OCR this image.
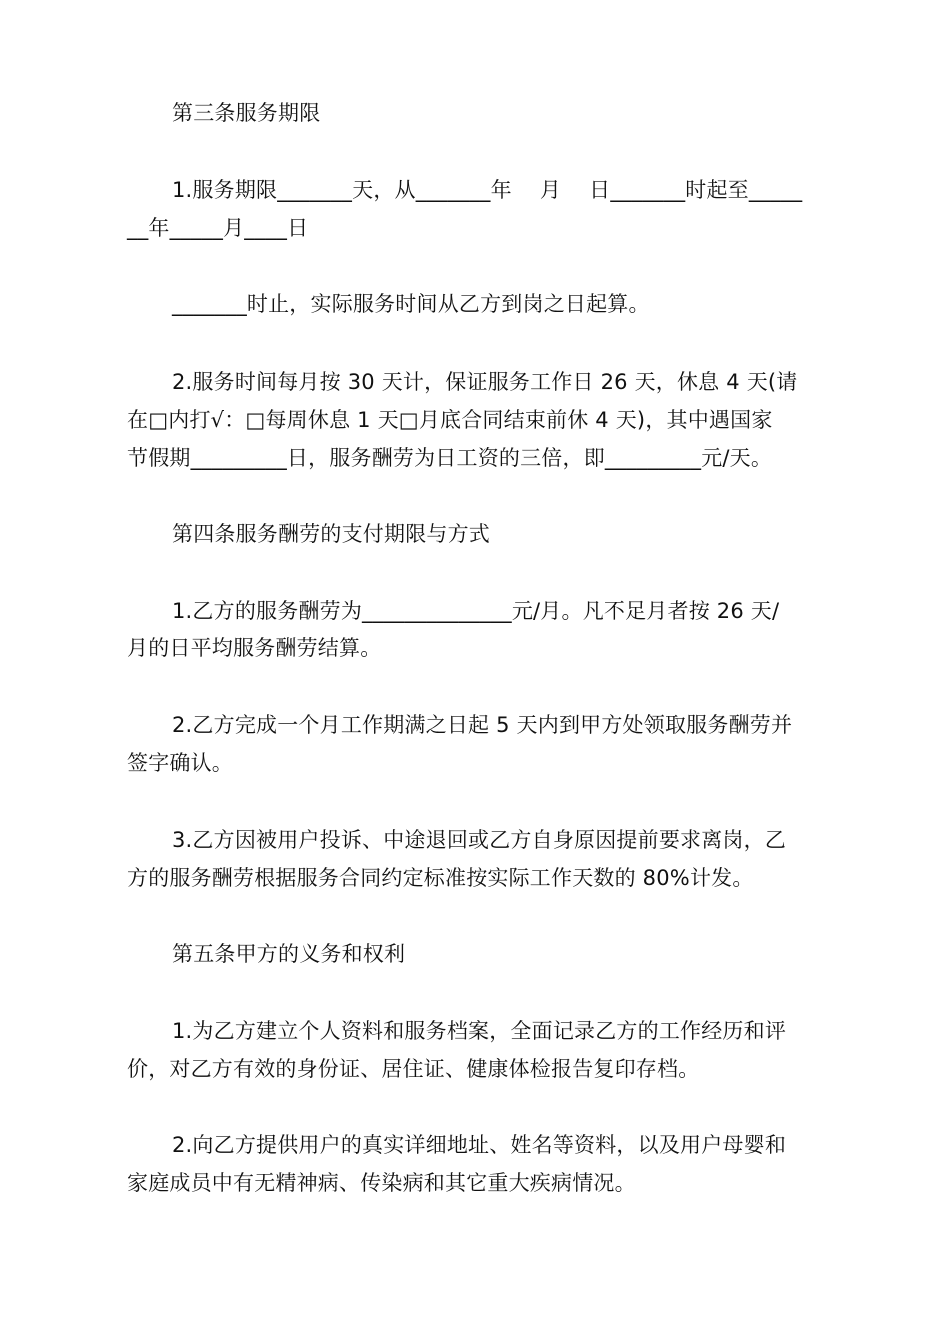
第三条服务期限
1.服务期限_______天，从_______年　 月　 日_______时起至_____
__年_____月____日
_______时止，实际服务时间从乙方到岗之日起算。
2.服务时间每月按 30 天计，保证服务工作日 26 天，休息 4 天(请
在□内打√：□每周休息 1 天□月底合同结束前休 4 天)，其中遇国家
节假期_________日，服务酬劳为日工资的三倍，即_________元/天。
第四条服务酬劳的支付期限与方式
1.乙方的服务酬劳为______________元/月。凡不足月者按 26 天/
月的日平均服务酬劳结算。
2.乙方完成一个月工作期满之日起 5 天内到甲方处领取服务酬劳并
签字确认。
3.乙方因被用户投诉、中途退回或乙方自身原因提前要求离岗，乙
方的服务酬劳根据服务合同约定标准按实际工作天数的 80%计发。
第五条甲方的义务和权利
1.为乙方建立个人资料和服务档案，全面记录乙方的工作经历和评
价，对乙方有效的身份证、居住证、健康体检报告复印存档。
2.向乙方提供用户的真实详细地址、姓名等资料，以及用户母婴和
家庭成员中有无精神病、传染病和其它重大疾病情况。
